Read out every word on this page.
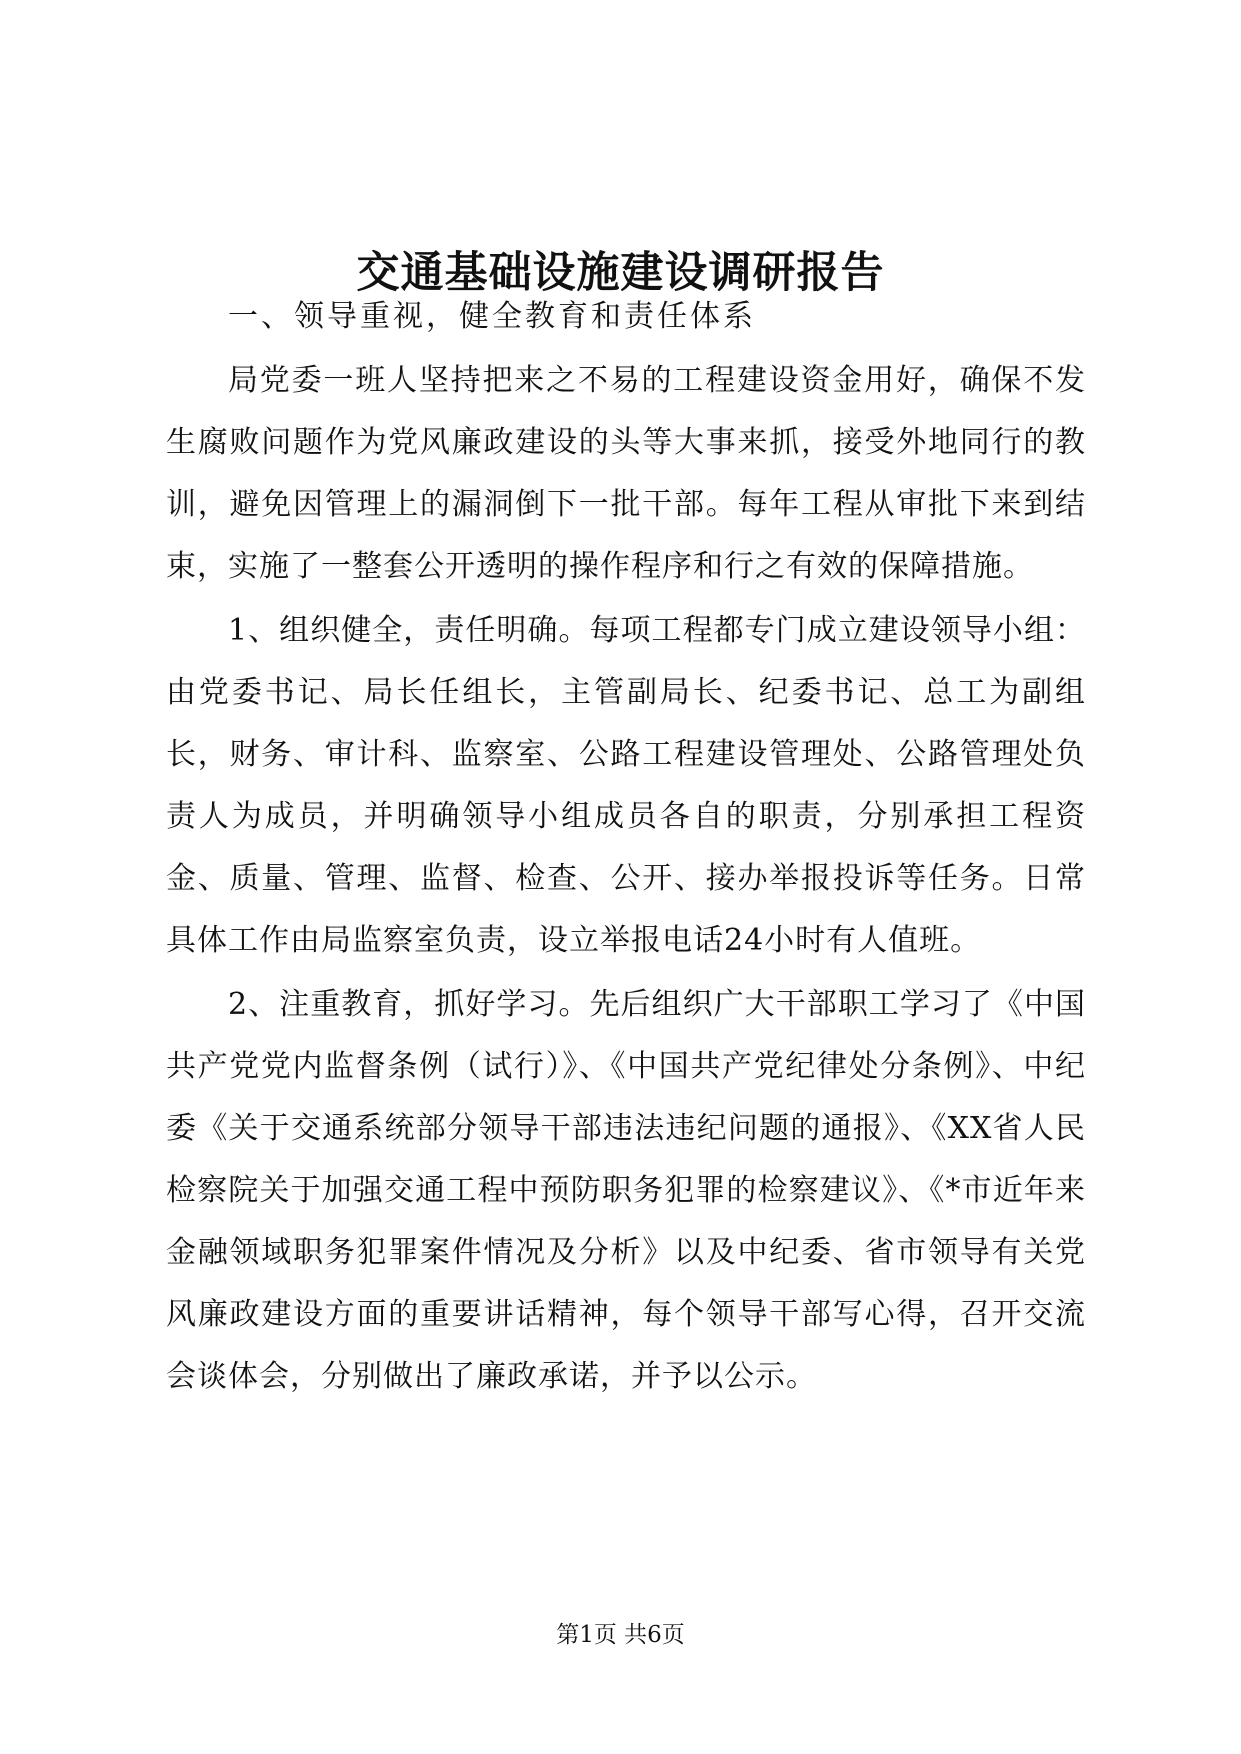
交通基础设施建设调研报告

一、领导重视，健全教育和责任体系

局党委一班人坚持把来之不易的工程建设资金用好，确保不发生腐败问题作为党风廉政建设的头等大事来抓，接受外地同行的教训，避免因管理上的漏洞倒下一批干部。每年工程从审批下来到结束，实施了一整套公开透明的操作程序和行之有效的保障措施。

1、组织健全，责任明确。每项工程都专门成立建设领导小组：由党委书记、局长任组长，主管副局长、纪委书记、总工为副组长，财务、审计科、监察室、公路工程建设管理处、公路管理处负责人为成员，并明确领导小组成员各自的职责，分别承担工程资金、质量、管理、监督、检查、公开、接办举报投诉等任务。日常具体工作由局监察室负责，设立举报电话24小时有人值班。

2、注重教育，抓好学习。先后组织广大干部职工学习了《中国共产党党内监督条例（试行）》、《中国共产党纪律处分条例》、中纪委《关于交通系统部分领导干部违法违纪问题的通报》、《XX省人民检察院关于加强交通工程中预防职务犯罪的检察建议》、《*市近年来金融领域职务犯罪案件情况及分析》以及中纪委、省市领导有关党风廉政建设方面的重要讲话精神，每个领导干部写心得，召开交流会谈体会，分别做出了廉政承诺，并予以公示。

第1页 共6页
